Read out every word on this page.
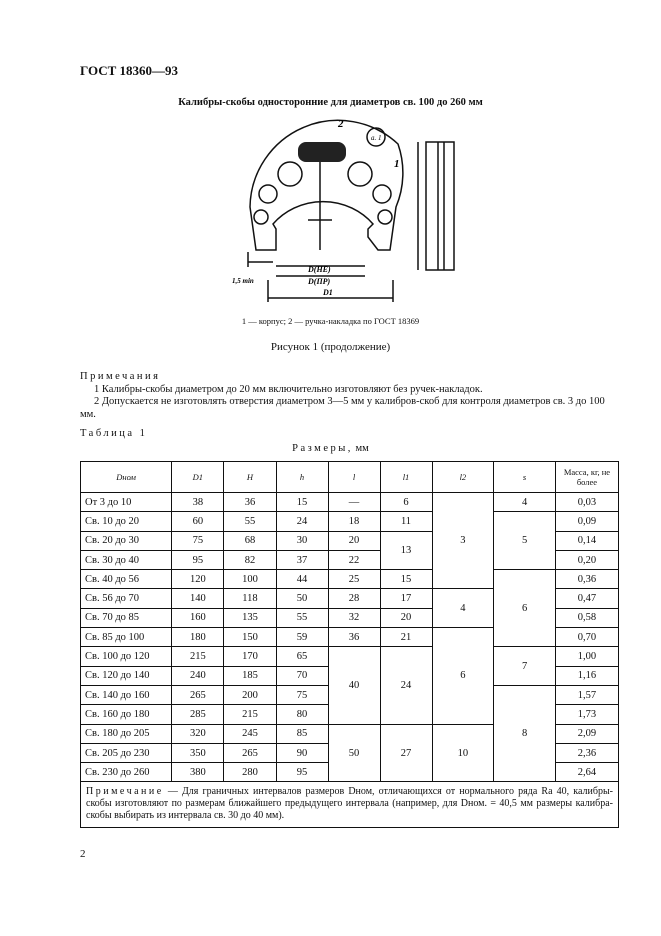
ГОСТ 18360—93
Калибры-скобы односторонние для диаметров св. 100 до 260 мм
а. 1
2
1
D(НЕ)
D(ПР)
D1
1,5 min
1 — корпус; 2 — ручка-накладка по ГОСТ 18369
Рисунок 1 (продолжение)

Примечания

1 Калибры-скобы диаметром до 20 мм включительно изготовляют без ручек-накладок.

2 Допускается не изготовлять отверстия диаметром 3—5 мм у калибров-скоб для контроля диаметров св. 3 до 100 мм.

Таблица 1
Размеры, мм
Dном	D1	H	h	l	l1	l2	s	Масса, кг, не более
От 3 до 10	38	36	15	—	6	3	4	0,03
Св. 10 до 20	60	55	24	18	11		5	0,09
Св. 20 до 30	75	68	30	20	13			0,14
Св. 30 до 40	95	82	37	22				0,20
Св. 40 до 56	120	100	44	25	15		6	0,36
Св. 56 до 70	140	118	50	28	17	4		0,47
Св. 70 до 85	160	135	55	32	20			0,58
Св. 85 до 100	180	150	59	36	21	6		0,70
Св. 100 до 120	215	170	65	40	24		7	1,00
Св. 120 до 140	240	185	70					1,16
Св. 140 до 160	265	200	75				8	1,57
Св. 160 до 180	285	215	80					1,73
Св. 180 до 205	320	245	85	50	27	10		2,09
Св. 205 до 230	350	265	90					2,36
Св. 230 до 260	380	280	95					2,64
Примечание — Для граничных интервалов размеров Dном, отличающихся от нормального ряда Ra 40, калибры-скобы изготовляют по размерам ближайшего предыдущего интервала (например, для Dном. = 40,5 мм размеры калибра-скобы выбирать из интервала св. 30 до 40 мм).								
2
